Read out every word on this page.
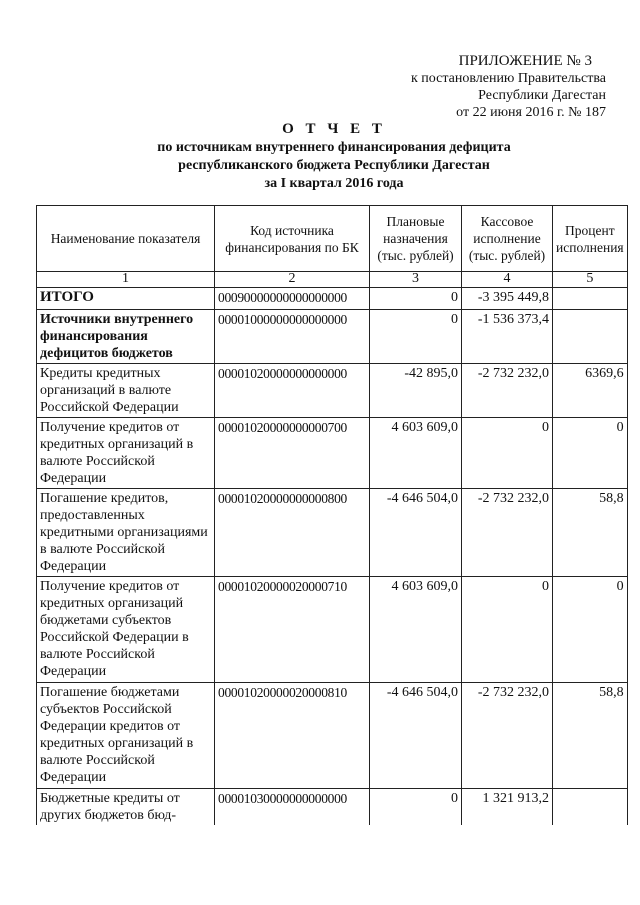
ПРИЛОЖЕНИЕ № 3
к постановлению Правительства
Республики Дагестан
от 22 июня 2016 г. № 187
О Т Ч Е Т
по источникам внутреннего финансирования дефицита
республиканского бюджета Республики Дагестан
за I квартал 2016 года
Наименование показателя	Код источника финансирования по БК	Плановые назначения (тыс. рублей)	Кассовое исполнение (тыс. рублей)	Процент исполнения
1	2	3	4	5
ИТОГО	00090000000000000000	0	-3 395 449,8	
Источники внутреннего финансирования дефицитов бюджетов	00001000000000000000	0	-1 536 373,4	
Кредиты кредитных организаций в валюте Российской Федерации	00001020000000000000	-42 895,0	-2 732 232,0	6369,6
Получение кредитов от кредитных организаций в валюте Российской Федерации	00001020000000000700	4 603 609,0	0	0
Погашение кредитов, предоставленных кредитными организациями в валюте Российской Федерации	00001020000000000800	-4 646 504,0	-2 732 232,0	58,8
Получение кредитов от кредитных организаций бюджетами субъектов Российской Федерации в валюте Российской Федерации	00001020000020000710	4 603 609,0	0	0
Погашение бюджетами субъектов Российской Федерации кредитов от кредитных организаций в валюте Российской Федерации	00001020000020000810	-4 646 504,0	-2 732 232,0	58,8
Бюджетные кредиты от других бюджетов бюд-	00001030000000000000	0	1 321 913,2	
